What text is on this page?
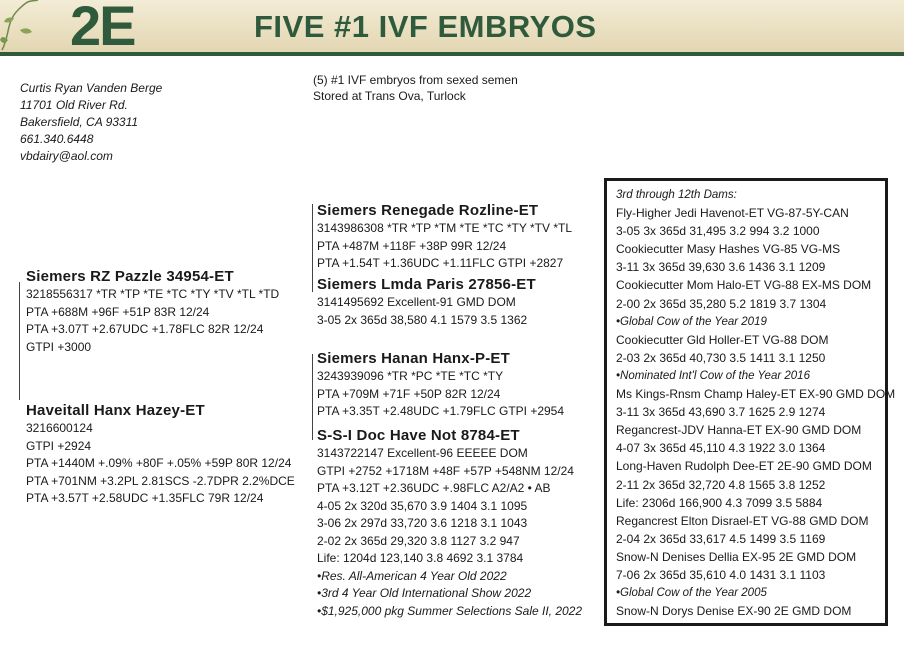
2E	FIVE #1 IVF EMBRYOS
Curtis Ryan Vanden Berge
11701 Old River Rd.
Bakersfield, CA 93311
661.340.6448
vbdairy@aol.com
(5) #1 IVF embryos from sexed semen
Stored at Trans Ova, Turlock
Siemers RZ Pazzle 34954-ET
3218556317 *TR *TP *TE *TC *TY *TV *TL *TD
PTA +688M +96F +51P 83R 12/24
PTA +3.07T +2.67UDC +1.78FLC 82R 12/24
GTPI +3000
Haveitall Hanx Hazey-ET
3216600124
GTPI +2924
PTA +1440M +.09% +80F +.05% +59P 80R 12/24
PTA +701NM +3.2PL 2.81SCS -2.7DPR 2.2%DCE
PTA +3.57T +2.58UDC +1.35FLC 79R 12/24
Siemers Renegade Rozline-ET
3143986308 *TR *TP *TM *TE *TC *TY *TV *TL
PTA +487M +118F +38P 99R 12/24
PTA +1.54T +1.36UDC +1.11FLC GTPI +2827
Siemers Lmda Paris 27856-ET
3141495692 Excellent-91 GMD DOM
3-05 2x 365d 38,580 4.1 1579 3.5 1362
Siemers Hanan Hanx-P-ET
3243939096 *TR *PC *TE *TC *TY
PTA +709M +71F +50P 82R 12/24
PTA +3.35T +2.48UDC +1.79FLC GTPI +2954
S-S-I Doc Have Not 8784-ET
3143722147 Excellent-96 EEEEE DOM
GTPI +2752 +1718M +48F +57P +548NM 12/24
PTA +3.12T +2.36UDC +.98FLC A2/A2 • AB
4-05 2x 320d 35,670 3.9 1404 3.1 1095
3-06 2x 297d 33,720 3.6 1218 3.1 1043
2-02 2x 365d 29,320 3.8 1127 3.2 947
Life: 1204d 123,140 3.8 4692 3.1 3784
•Res. All-American 4 Year Old 2022
•3rd 4 Year Old International Show 2022
•$1,925,000 pkg Summer Selections Sale II, 2022
3rd through 12th Dams:
Fly-Higher Jedi Havenot-ET VG-87-5Y-CAN
3-05 3x 365d 31,495 3.2 994 3.2 1000
Cookiecutter Masy Hashes VG-85 VG-MS
3-11 3x 365d 39,630 3.6 1436 3.1 1209
Cookiecutter Mom Halo-ET VG-88 EX-MS DOM
2-00 2x 365d 35,280 5.2 1819 3.7 1304
•Global Cow of the Year 2019
Cookiecutter Gld Holler-ET VG-88 DOM
2-03 2x 365d 40,730 3.5 1411 3.1 1250
•Nominated Int'l Cow of the Year 2016
Ms Kings-Rnsm Champ Haley-ET EX-90 GMD DOM
3-11 3x 365d 43,690 3.7 1625 2.9 1274
Regancrest-JDV Hanna-ET EX-90 GMD DOM
4-07 3x 365d 45,110 4.3 1922 3.0 1364
Long-Haven Rudolph Dee-ET 2E-90 GMD DOM
2-11 2x 365d 32,720 4.8 1565 3.8 1252
Life: 2306d 166,900 4.3 7099 3.5 5884
Regancrest Elton Disrael-ET VG-88 GMD DOM
2-04 2x 365d 33,617 4.5 1499 3.5 1169
Snow-N Denises Dellia EX-95 2E GMD DOM
7-06 2x 365d 35,610 4.0 1431 3.1 1103
•Global Cow of the Year 2005
Snow-N Dorys Denise EX-90 2E GMD DOM
